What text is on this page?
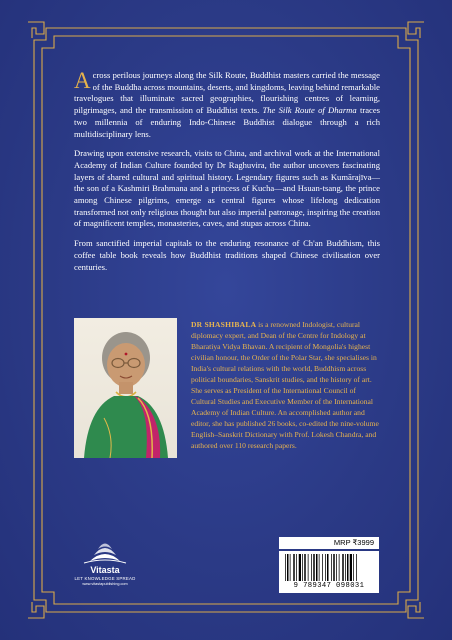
Across perilous journeys along the Silk Route, Buddhist masters carried the message of the Buddha across mountains, deserts, and kingdoms, leaving behind remarkable travelogues that illuminate sacred geographies, flourishing centres of learning, pilgrimages, and the transmission of Buddhist texts. The Silk Route of Dharma traces two millennia of enduring Indo-Chinese Buddhist dialogue through a rich multidisciplinary lens.

Drawing upon extensive research, visits to China, and archival work at the International Academy of Indian Culture founded by Dr Raghuvira, the author uncovers fascinating layers of shared cultural and spiritual history. Legendary figures such as Kumārajīva—the son of a Kashmiri Brahmana and a princess of Kucha—and Hsuan-tsang, the prince among Chinese pilgrims, emerge as central figures whose lifelong dedication transformed not only religious thought but also imperial patronage, inspiring the creation of magnificent temples, monasteries, caves, and stupas across China.

From sanctified imperial capitals to the enduring resonance of Ch'an Buddhism, this coffee table book reveals how Buddhist traditions shaped Chinese civilisation over centuries.

DR SHASHIBALA is a renowned Indologist, cultural diplomacy expert, and Dean of the Centre for Indology at Bharatiya Vidya Bhavan. A recipient of Mongolia's highest civilian honour, the Order of the Polar Star, she specialises in India's cultural relations with the world, Buddhism across political boundaries, Sanskrit studies, and the history of art.

She serves as President of the International Council of Cultural Studies and Executive Member of the International Academy of Indian Culture. An accomplished author and editor, she has published 26 books, co-edited the nine-volume English–Sanskrit Dictionary with Prof. Lokesh Chandra, and authored over 110 research papers.

Vitasta
LET KNOWLEDGE SPREAD
www.vitastapublishing.com
MRP ₹3999
9 789347 098031
